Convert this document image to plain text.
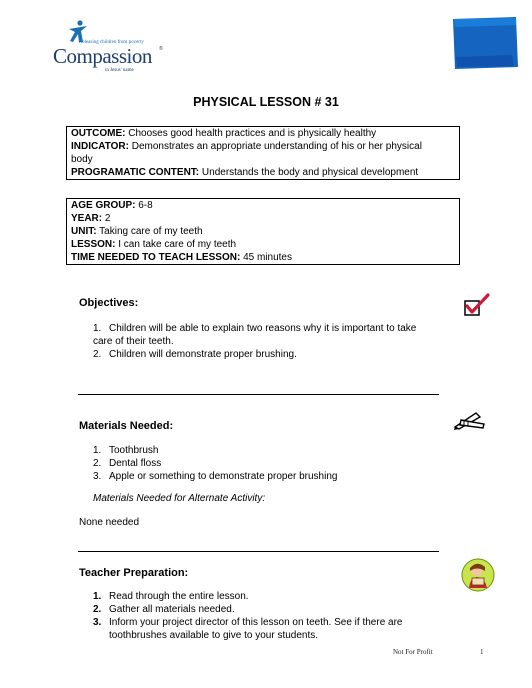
Releasing children from poverty
Compassion ®
in Jesus' name
PHYSICAL LESSON # 31
OUTCOME: Chooses good health practices and is physically healthy
INDICATOR: Demonstrates an appropriate understanding of his or her physical
body
PROGRAMATIC CONTENT: Understands the body and physical development
AGE GROUP: 6-8
YEAR: 2
UNIT: Taking care of my teeth
LESSON: I can take care of my teeth
TIME NEEDED TO TEACH LESSON: 45 minutes
Objectives:
1. Children will be able to explain two reasons why it is important to take
care of their teeth.
2. Children will demonstrate proper brushing.
Materials Needed:
1. Toothbrush
2. Dental floss
3. Apple or something to demonstrate proper brushing
Materials Needed for Alternate Activity:
None needed
Teacher Preparation:
1. Read through the entire lesson.
2. Gather all materials needed.
3. Inform your project director of this lesson on teeth. See if there are
toothbrushes available to give to your students.
Not For Profit	1
